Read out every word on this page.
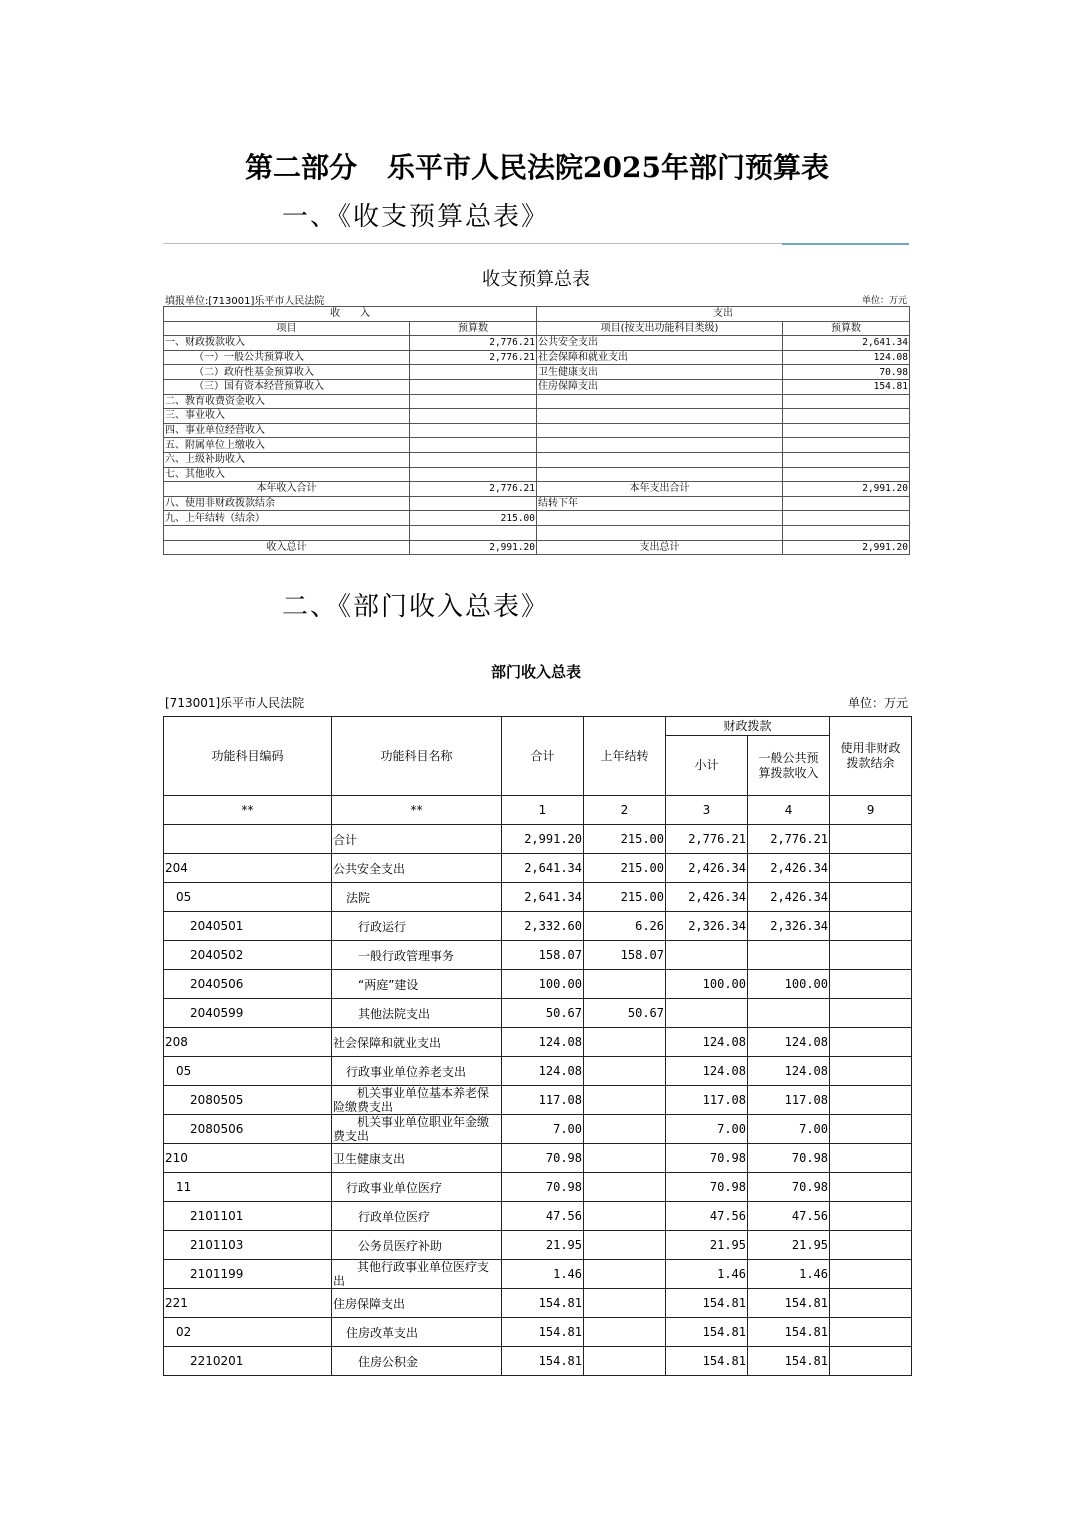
第二部分 乐平市人民法院2025年部门预算表
一、《收支预算总表》
收支预算总表
填报单位:[713001]乐平市人民法院	单位：万元
收　　入		支出	
项目	预算数	项目(按支出功能科目类级)	预算数
一、财政拨款收入	2,776.21	公共安全支出	2,641.34
（一）一般公共预算收入	2,776.21	社会保障和就业支出	124.08
（二）政府性基金预算收入		卫生健康支出	70.98
（三）国有资本经营预算收入		住房保障支出	154.81
二、教育收费资金收入			
三、事业收入			
四、事业单位经营收入			
五、附属单位上缴收入			
六、上级补助收入			
七、其他收入			
本年收入合计	2,776.21	本年支出合计	2,991.20
八、使用非财政拨款结余		结转下年	
九、上年结转（结余）	215.00		

收入总计	2,991.20	支出总计	2,991.20
二、《部门收入总表》
部门收入总表
[713001]乐平市人民法院	单位：万元
功能科目编码	功能科目名称	合计	上年结转	财政拨款		使用非财政拨款结余
				小计	一般公共预算拨款收入	
**	**	1	2	3	4	9
	合计	2,991.20	215.00	2,776.21	2,776.21	
204	公共安全支出	2,641.34	215.00	2,426.34	2,426.34	
05	法院	2,641.34	215.00	2,426.34	2,426.34	
2040501	行政运行	2,332.60	6.26	2,326.34	2,326.34	
2040502	一般行政管理事务	158.07	158.07			
2040506	“两庭”建设	100.00		100.00	100.00	
2040599	其他法院支出	50.67	50.67			
208	社会保障和就业支出	124.08		124.08	124.08	
05	行政事业单位养老支出	124.08		124.08	124.08	
2080505	机关事业单位基本养老保险缴费支出	117.08		117.08	117.08	
2080506	机关事业单位职业年金缴费支出	7.00		7.00	7.00	
210	卫生健康支出	70.98		70.98	70.98	
11	行政事业单位医疗	70.98		70.98	70.98	
2101101	行政单位医疗	47.56		47.56	47.56	
2101103	公务员医疗补助	21.95		21.95	21.95	
2101199	其他行政事业单位医疗支出	1.46		1.46	1.46	
221	住房保障支出	154.81		154.81	154.81	
02	住房改革支出	154.81		154.81	154.81	
2210201	住房公积金	154.81		154.81	154.81	
